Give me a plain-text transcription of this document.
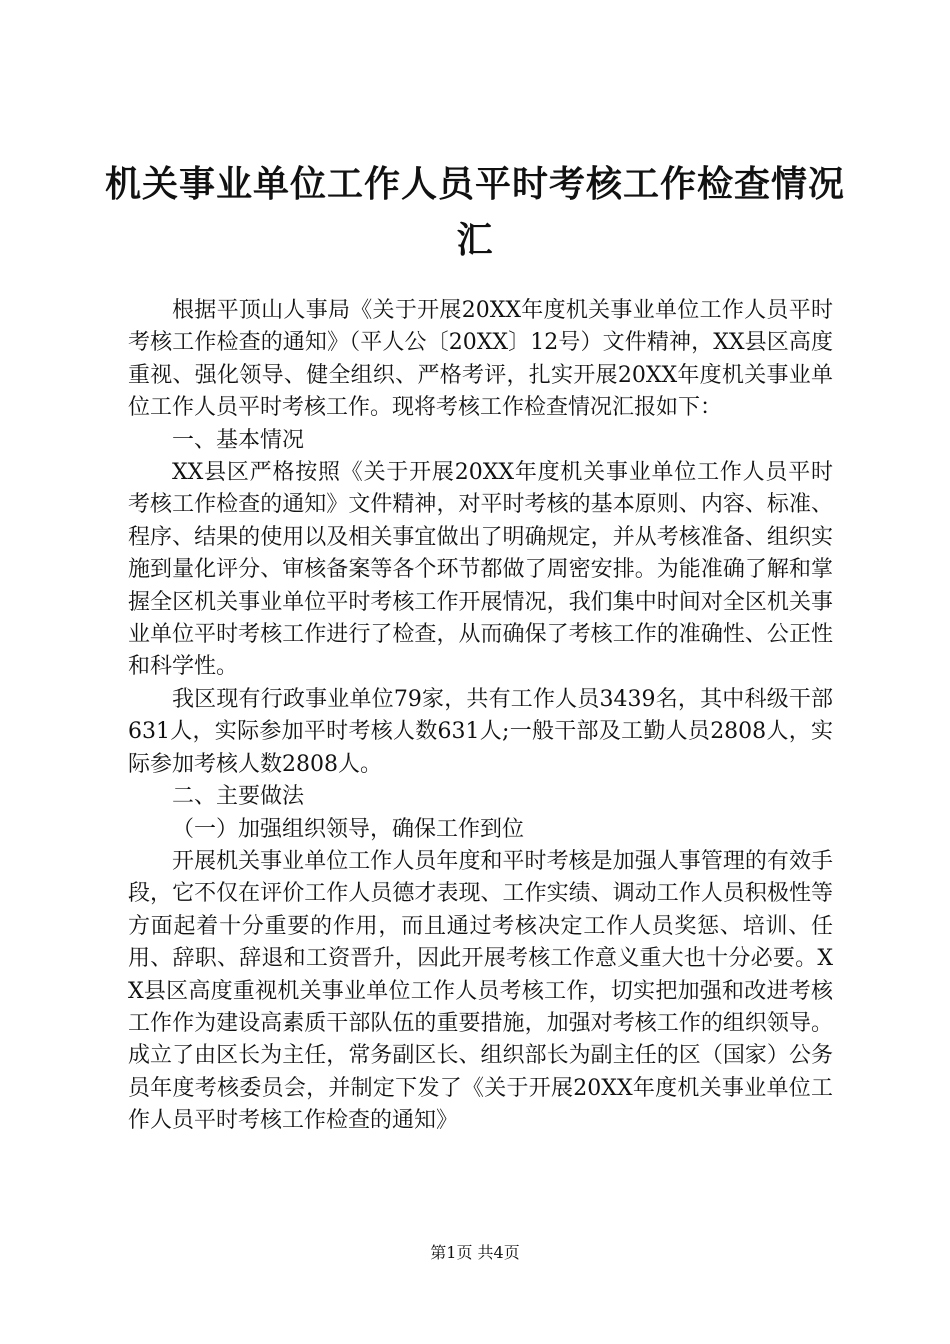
机关事业单位工作人员平时考核工作检查情况
汇

根据平顶山人事局《关于开展20XX年度机关事业单位工作人员平时考核工作检查的通知》（平人公〔20XX〕12号）文件精神，XX县区高度重视、强化领导、健全组织、严格考评，扎实开展20XX年度机关事业单位工作人员平时考核工作。现将考核工作检查情况汇报如下：

一、基本情况

XX县区严格按照《关于开展20XX年度机关事业单位工作人员平时考核工作检查的通知》文件精神，对平时考核的基本原则、内容、标准、程序、结果的使用以及相关事宜做出了明确规定，并从考核准备、组织实施到量化评分、审核备案等各个环节都做了周密安排。为能准确了解和掌握全区机关事业单位平时考核工作开展情况，我们集中时间对全区机关事业单位平时考核工作进行了检查，从而确保了考核工作的准确性、公正性和科学性。

我区现有行政事业单位79家，共有工作人员3439名，其中科级干部631人，实际参加平时考核人数631人;一般干部及工勤人员2808人，实际参加考核人数2808人。

二、主要做法

（一）加强组织领导，确保工作到位

开展机关事业单位工作人员年度和平时考核是加强人事管理的有效手段，它不仅在评价工作人员德才表现、工作实绩、调动工作人员积极性等方面起着十分重要的作用，而且通过考核决定工作人员奖惩、培训、任用、辞职、辞退和工资晋升，因此开展考核工作意义重大也十分必要。XX县区高度重视机关事业单位工作人员考核工作，切实把加强和改进考核工作作为建设高素质干部队伍的重要措施，加强对考核工作的组织领导。成立了由区长为主任，常务副区长、组织部长为副主任的区（国家）公务员年度考核委员会，并制定下发了《关于开展20XX年度机关事业单位工作人员平时考核工作检查的通知》

第1页 共4页
